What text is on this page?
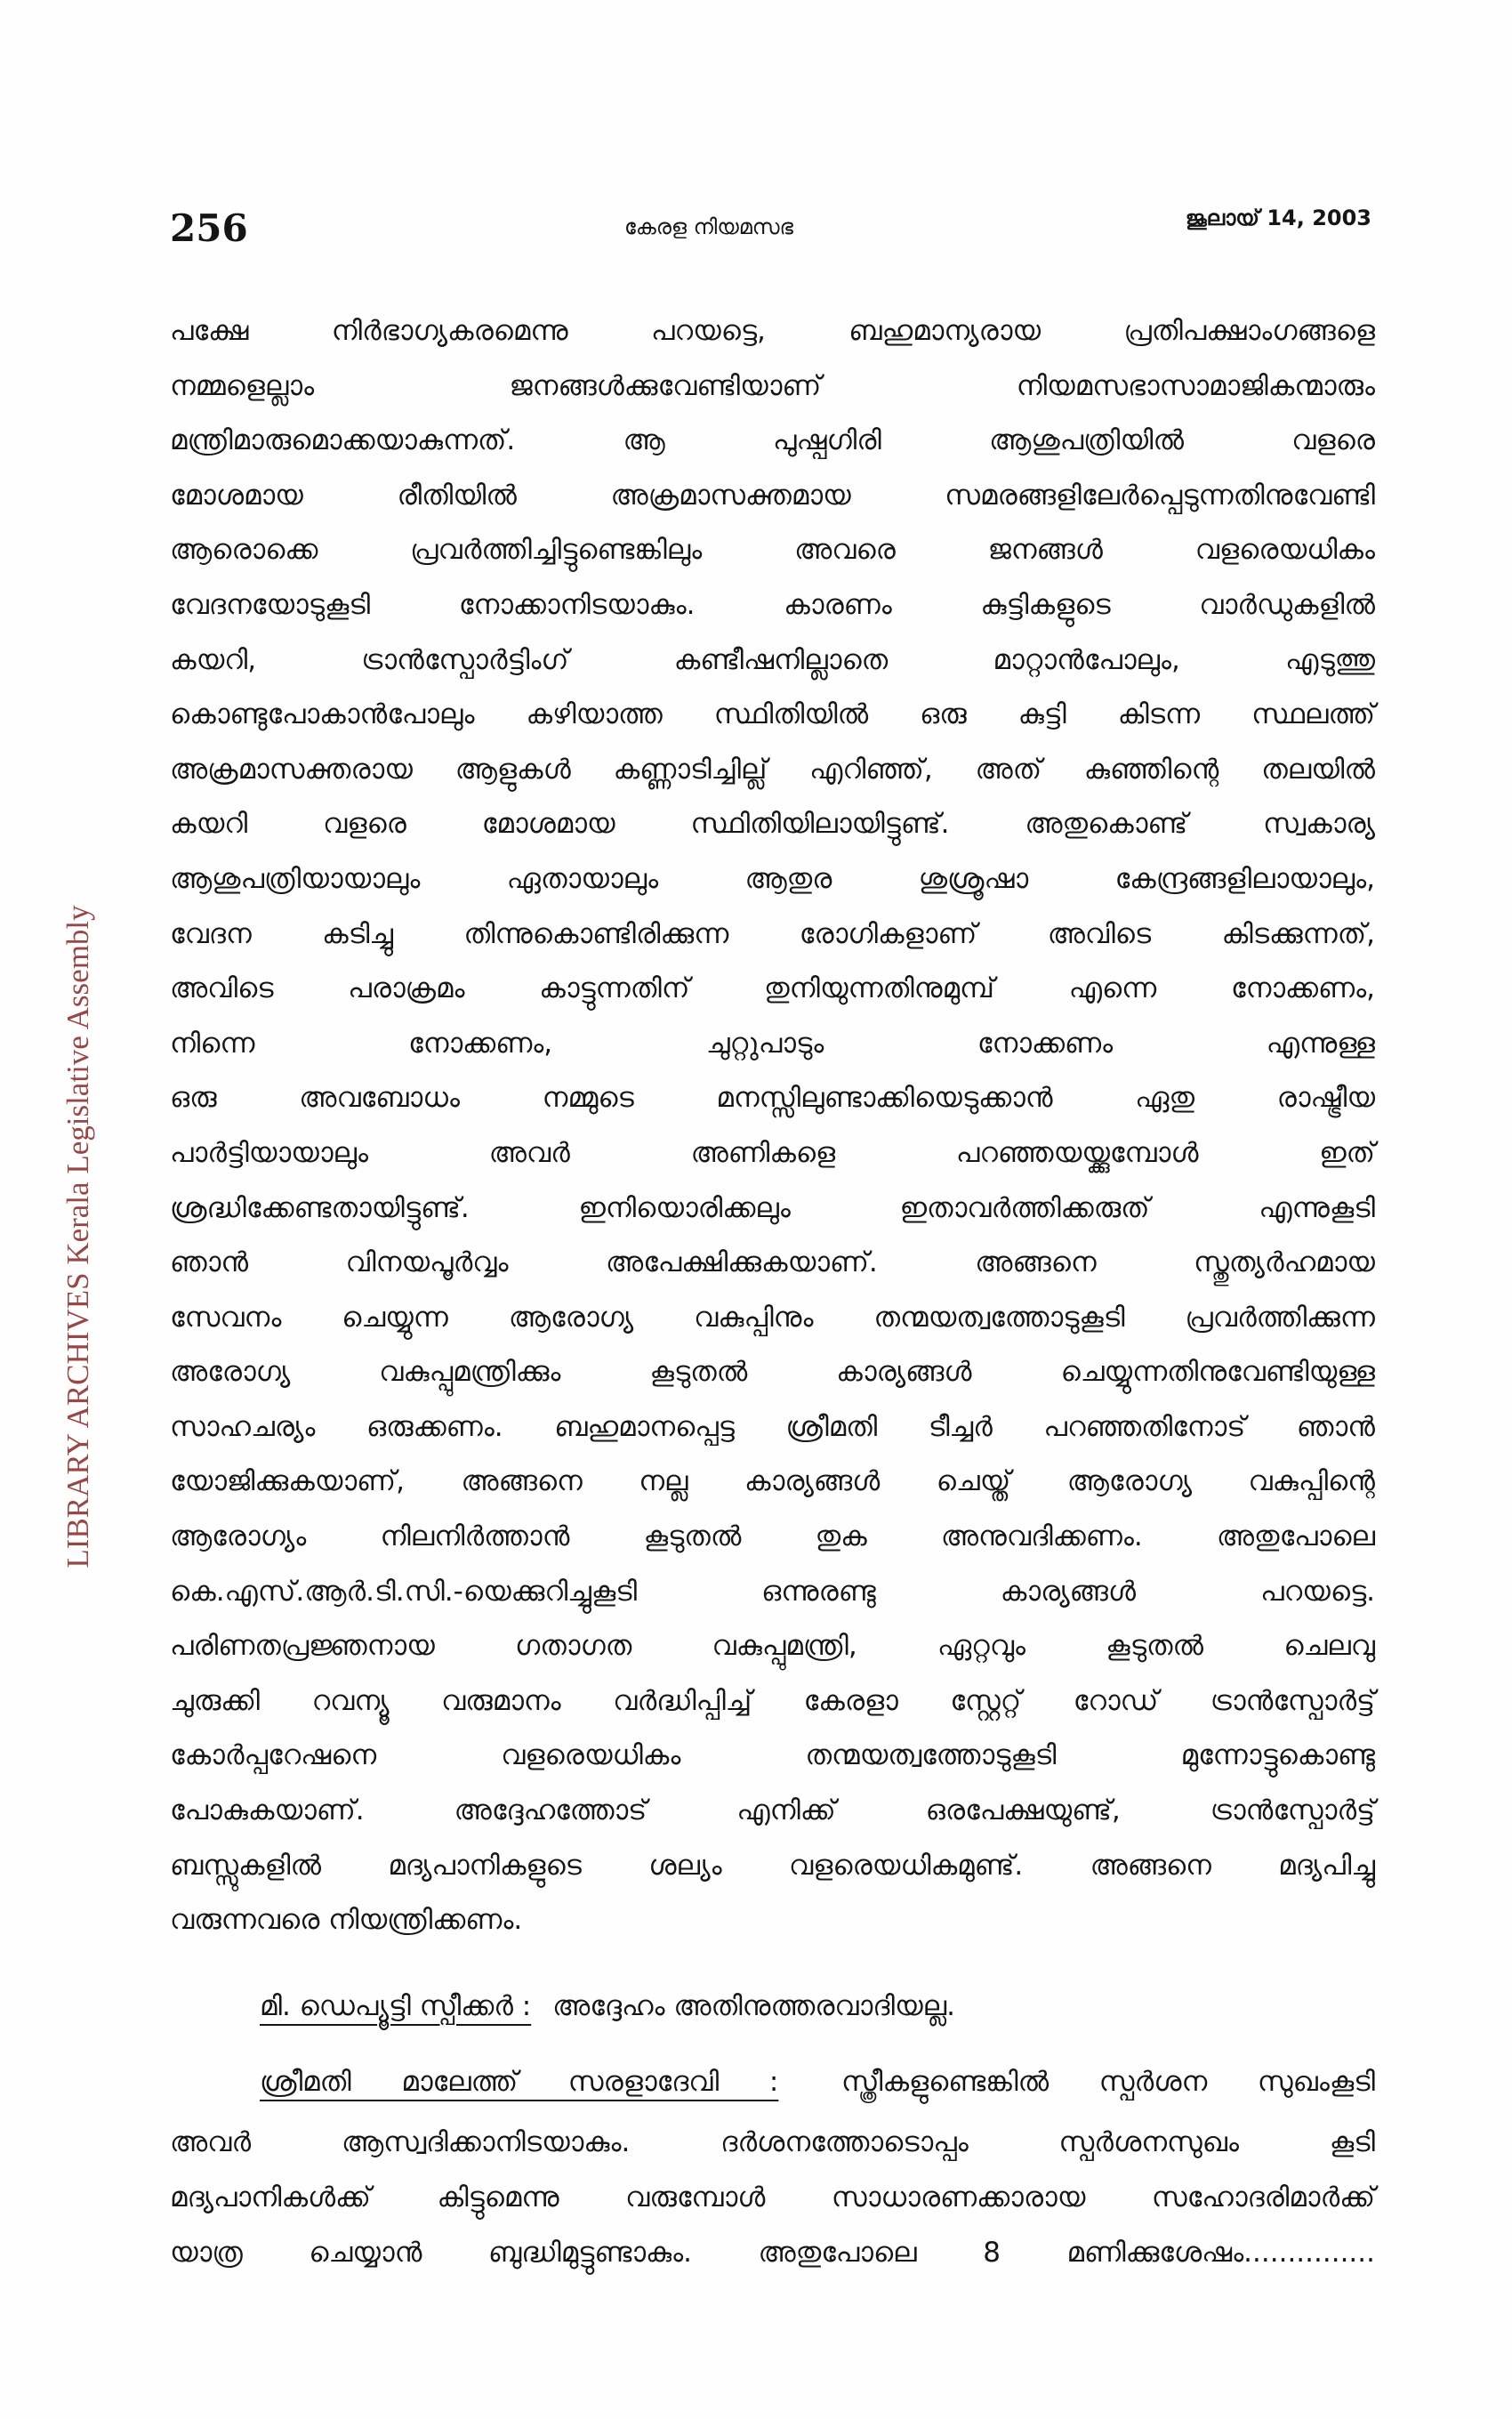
256	കേരള നിയമസഭ	ജൂലായ് 14, 2003
LIBRARY ARCHIVES Kerala Legislative Assembly
പക്ഷേ നിർഭാഗ്യകരമെന്നു പറയട്ടെ, ബഹുമാന്യരായ പ്രതിപക്ഷാംഗങ്ങളെ
നമ്മളെല്ലാം ജനങ്ങൾക്കുവേണ്ടിയാണ് നിയമസഭാസാമാജികന്മാരും
മന്ത്രിമാരുമൊക്കയാകുന്നത്. ആ പുഷ്പഗിരി ആശുപത്രിയിൽ വളരെ
മോശമായ രീതിയിൽ അക്രമാസക്തമായ സമരങ്ങളിലേർപ്പെടുന്നതിനുവേണ്ടി
ആരൊക്കെ പ്രവർത്തിച്ചിട്ടുണ്ടെങ്കിലും അവരെ ജനങ്ങൾ വളരെയധികം
വേദനയോടുകൂടി നോക്കാനിടയാകും. കാരണം കുട്ടികളുടെ വാർഡുകളിൽ
കയറി, ട്രാൻസ്പോർട്ടിംഗ് കണ്ടീഷനില്ലാതെ മാറ്റാൻപോലും, എടുത്തു
കൊണ്ടുപോകാൻപോലും കഴിയാത്ത സ്ഥിതിയിൽ ഒരു കുട്ടി കിടന്ന സ്ഥലത്ത്
അക്രമാസക്തരായ ആളുകൾ കണ്ണാടിച്ചില്ല് എറിഞ്ഞ്, അത് കുഞ്ഞിന്റെ തലയിൽ
കയറി വളരെ മോശമായ സ്ഥിതിയിലായിട്ടുണ്ട്. അതുകൊണ്ട് സ്വകാര്യ
ആശുപത്രിയായാലും ഏതായാലും ആതുര ശുശ്രൂഷാ കേന്ദ്രങ്ങളിലായാലും,
വേദന കടിച്ചു തിന്നുകൊണ്ടിരിക്കുന്ന രോഗികളാണ് അവിടെ കിടക്കുന്നത്,
അവിടെ പരാക്രമം കാട്ടുന്നതിന് തുനിയുന്നതിനുമുമ്പ് എന്നെ നോക്കണം,
നിന്നെ നോക്കണം, ചുറ്റുപാടും നോക്കണം എന്നുള്ള
ഒരു അവബോധം നമ്മുടെ മനസ്സിലുണ്ടാക്കിയെടുക്കാൻ ഏതു രാഷ്ട്രീയ
പാർട്ടിയായാലും അവർ അണികളെ പറഞ്ഞയയ്ക്കുമ്പോൾ ഇത്
ശ്രദ്ധിക്കേണ്ടതായിട്ടുണ്ട്. ഇനിയൊരിക്കലും ഇതാവർത്തിക്കരുത് എന്നുകൂടി
ഞാൻ വിനയപൂർവ്വം അപേക്ഷിക്കുകയാണ്. അങ്ങനെ സ്തുത്യർഹമായ
സേവനം ചെയ്യുന്ന ആരോഗ്യ വകുപ്പിനും തന്മയത്വത്തോടുകൂടി പ്രവർത്തിക്കുന്ന
അരോഗ്യ വകുപ്പുമന്ത്രിക്കും കൂടുതൽ കാര്യങ്ങൾ ചെയ്യുന്നതിനുവേണ്ടിയുള്ള
സാഹചര്യം ഒരുക്കണം. ബഹുമാനപ്പെട്ട ശ്രീമതി ടീച്ചർ പറഞ്ഞതിനോട് ഞാൻ
യോജിക്കുകയാണ്, അങ്ങനെ നല്ല കാര്യങ്ങൾ ചെയ്ത് ആരോഗ്യ വകുപ്പിന്റെ
ആരോഗ്യം നിലനിർത്താൻ കൂടുതൽ തുക അനുവദിക്കണം. അതുപോലെ
കെ.എസ്.ആർ.ടി.സി.-യെക്കുറിച്ചുകൂടി ഒന്നുരണ്ടു കാര്യങ്ങൾ പറയട്ടെ.
പരിണതപ്രജ്ഞനായ ഗതാഗത വകുപ്പുമന്ത്രി, ഏറ്റവും കൂടുതൽ ചെലവു
ചുരുക്കി റവന്യൂ വരുമാനം വർദ്ധിപ്പിച്ച് കേരളാ സ്റ്റേറ്റ് റോഡ് ട്രാൻസ്പോർട്ട്
കോർപ്പറേഷനെ വളരെയധികം തന്മയത്വത്തോടുകൂടി മുന്നോട്ടുകൊണ്ടു
പോകുകയാണ്. അദ്ദേഹത്തോട് എനിക്ക് ഒരപേക്ഷയുണ്ട്, ട്രാൻസ്പോർട്ട്
ബസ്സുകളിൽ മദ്യപാനികളുടെ ശല്യം വളരെയധികമുണ്ട്. അങ്ങനെ മദ്യപിച്ചു
വരുന്നവരെ നിയന്ത്രിക്കണം.
മി. ഡെപ്യൂട്ടി സ്പീക്കർ : അദ്ദേഹം അതിനുത്തരവാദിയല്ല.
ശ്രീമതി മാലേത്ത് സരളാദേവി : സ്ത്രീകളുണ്ടെങ്കിൽ സ്പർശന സുഖംകൂടി
അവർ ആസ്വദിക്കാനിടയാകും. ദർശനത്തോടൊപ്പം സ്പർശനസുഖം കൂടി
മദ്യപാനികൾക്ക് കിട്ടുമെന്നു വരുമ്പോൾ സാധാരണക്കാരായ സഹോദരിമാർക്ക്
യാത്ര ചെയ്യാൻ ബുദ്ധിമുട്ടുണ്ടാകും. അതുപോലെ 8 മണിക്കുശേഷം...............
